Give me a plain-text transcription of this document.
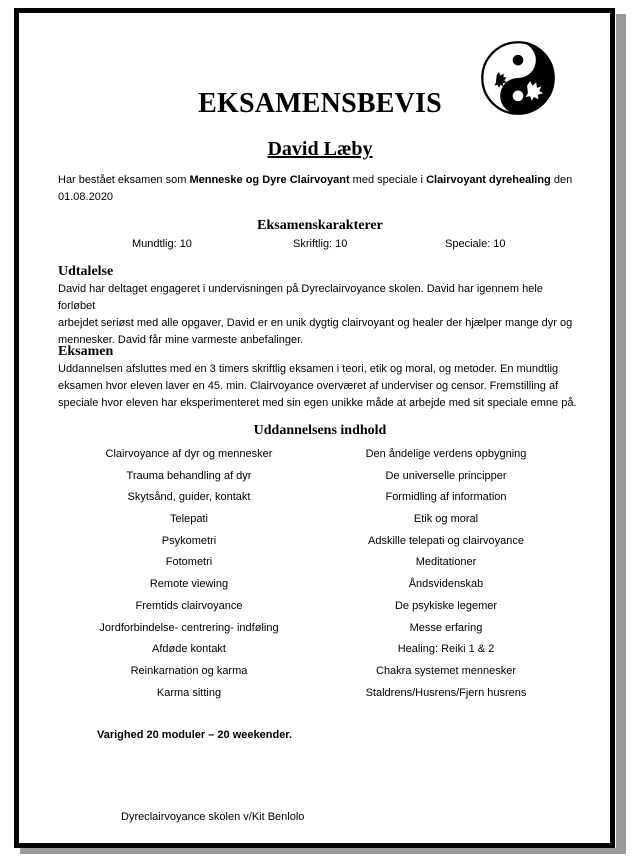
EKSAMENSBEVIS
David Læby
Har bestået eksamen som Menneske og Dyre Clairvoyant med speciale i Clairvoyant dyrehealing den
01.08.2020
Eksamenskarakterer
Mundtlig: 10	Skriftlig: 10	Speciale: 10
Udtalelse
David har deltaget engageret i undervisningen på Dyreclairvoyance skolen. David har igennem hele forløbet
arbejdet seriøst med alle opgaver, David er en unik dygtig clairvoyant og healer der hjælper mange dyr og
mennesker. David får mine varmeste anbefalinger.
Eksamen
Uddannelsen afsluttes med en 3 timers skriftlig eksamen i teori, etik og moral, og metoder. En mundtlig
eksamen hvor eleven laver en 45. min. Clairvoyance overværet af underviser og censor. Fremstilling af
speciale hvor eleven har eksperimenteret med sin egen unikke måde at arbejde med sit speciale emne på.
Uddannelsens indhold
Clairvoyance af dyr og mennesker
Trauma behandling af dyr
Skytsånd, guider, kontakt
Telepati
Psykometri
Fotometri
Remote viewing
Fremtids clairvoyance
Jordforbindelse- centrering- indføling
Afdøde kontakt
Reinkarnation og karma
Karma sitting
Den åndelige verdens opbygning
De universelle principper
Formidling af information
Etik og moral
Adskille telepati og clairvoyance
Meditationer
Åndsvidenskab
De psykiske legemer
Messe erfaring
Healing: Reiki 1 & 2
Chakra systemet mennesker
Staldrens/Husrens/Fjern husrens
Varighed 20 moduler – 20 weekender.
Dyreclairvoyance skolen v/Kit Benlolo
